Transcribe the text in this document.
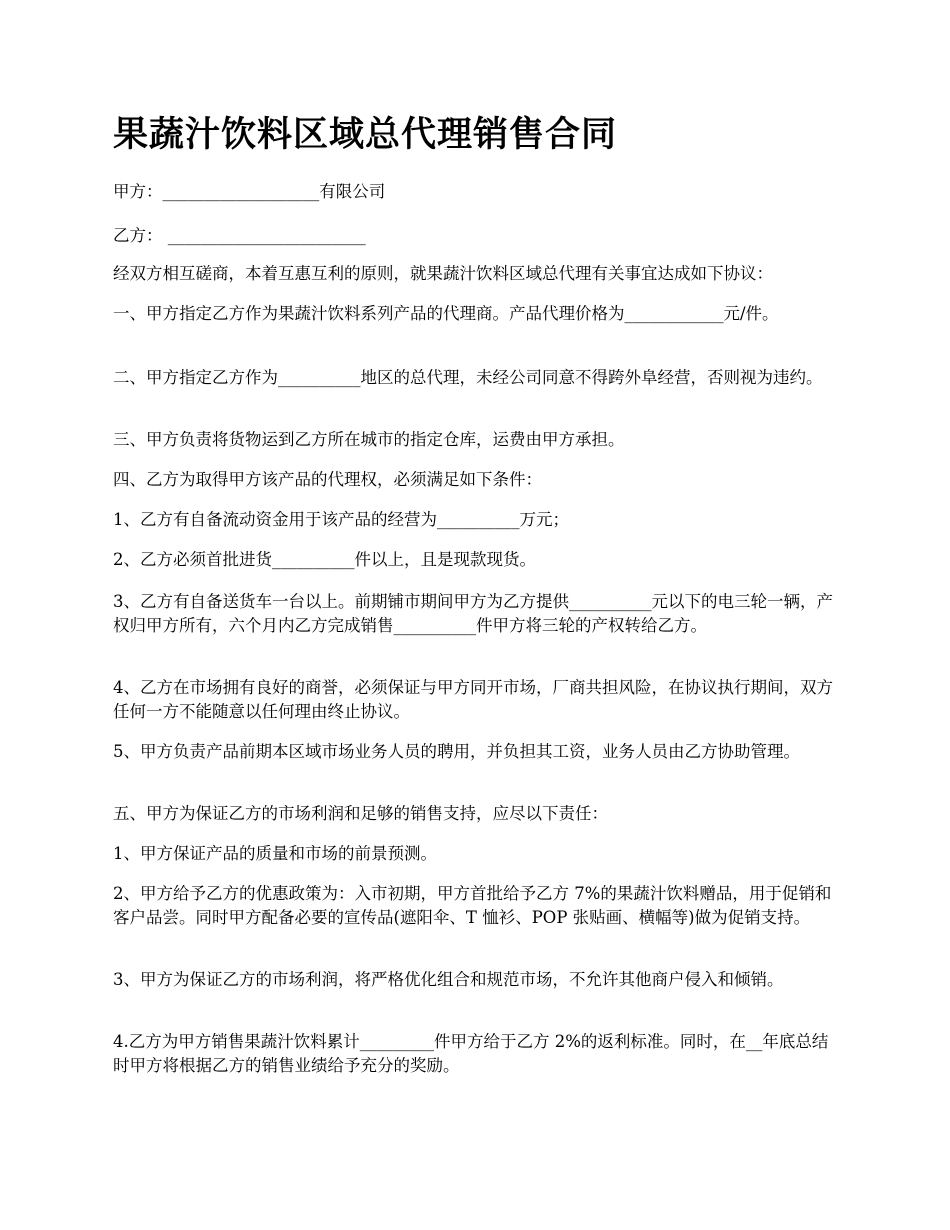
果蔬汁饮料区域总代理销售合同

甲方：___________________有限公司

乙方： ________________________

经双方相互磋商，本着互惠互利的原则，就果蔬汁饮料区域总代理有关事宜达成如下协议：

一、甲方指定乙方作为果蔬汁饮料系列产品的代理商。产品代理价格为____________元/件。

二、甲方指定乙方作为__________地区的总代理，未经公司同意不得跨外阜经营，否则视为违约。

三、甲方负责将货物运到乙方所在城市的指定仓库，运费由甲方承担。

四、乙方为取得甲方该产品的代理权，必须满足如下条件：

1、乙方有自备流动资金用于该产品的经营为__________万元；

2、乙方必须首批进货__________件以上，且是现款现货。

3、乙方有自备送货车一台以上。前期铺市期间甲方为乙方提供__________元以下的电三轮一辆，产权归甲方所有，六个月内乙方完成销售__________件甲方将三轮的产权转给乙方。

4、乙方在市场拥有良好的商誉，必须保证与甲方同开市场，厂商共担风险，在协议执行期间，双方任何一方不能随意以任何理由终止协议。

5、甲方负责产品前期本区域市场业务人员的聘用，并负担其工资，业务人员由乙方协助管理。

五、甲方为保证乙方的市场利润和足够的销售支持，应尽以下责任：

1、甲方保证产品的质量和市场的前景预测。

2、甲方给予乙方的优惠政策为：入市初期，甲方首批给予乙方 7%的果蔬汁饮料赠品，用于促销和客户品尝。同时甲方配备必要的宣传品(遮阳伞、T 恤衫、POP 张贴画、横幅等)做为促销支持。

3、甲方为保证乙方的市场利润，将严格优化组合和规范市场，不允许其他商户侵入和倾销。

4.乙方为甲方销售果蔬汁饮料累计_________件甲方给于乙方 2%的返利标准。同时，在__年底总结时甲方将根据乙方的销售业绩给予充分的奖励。
